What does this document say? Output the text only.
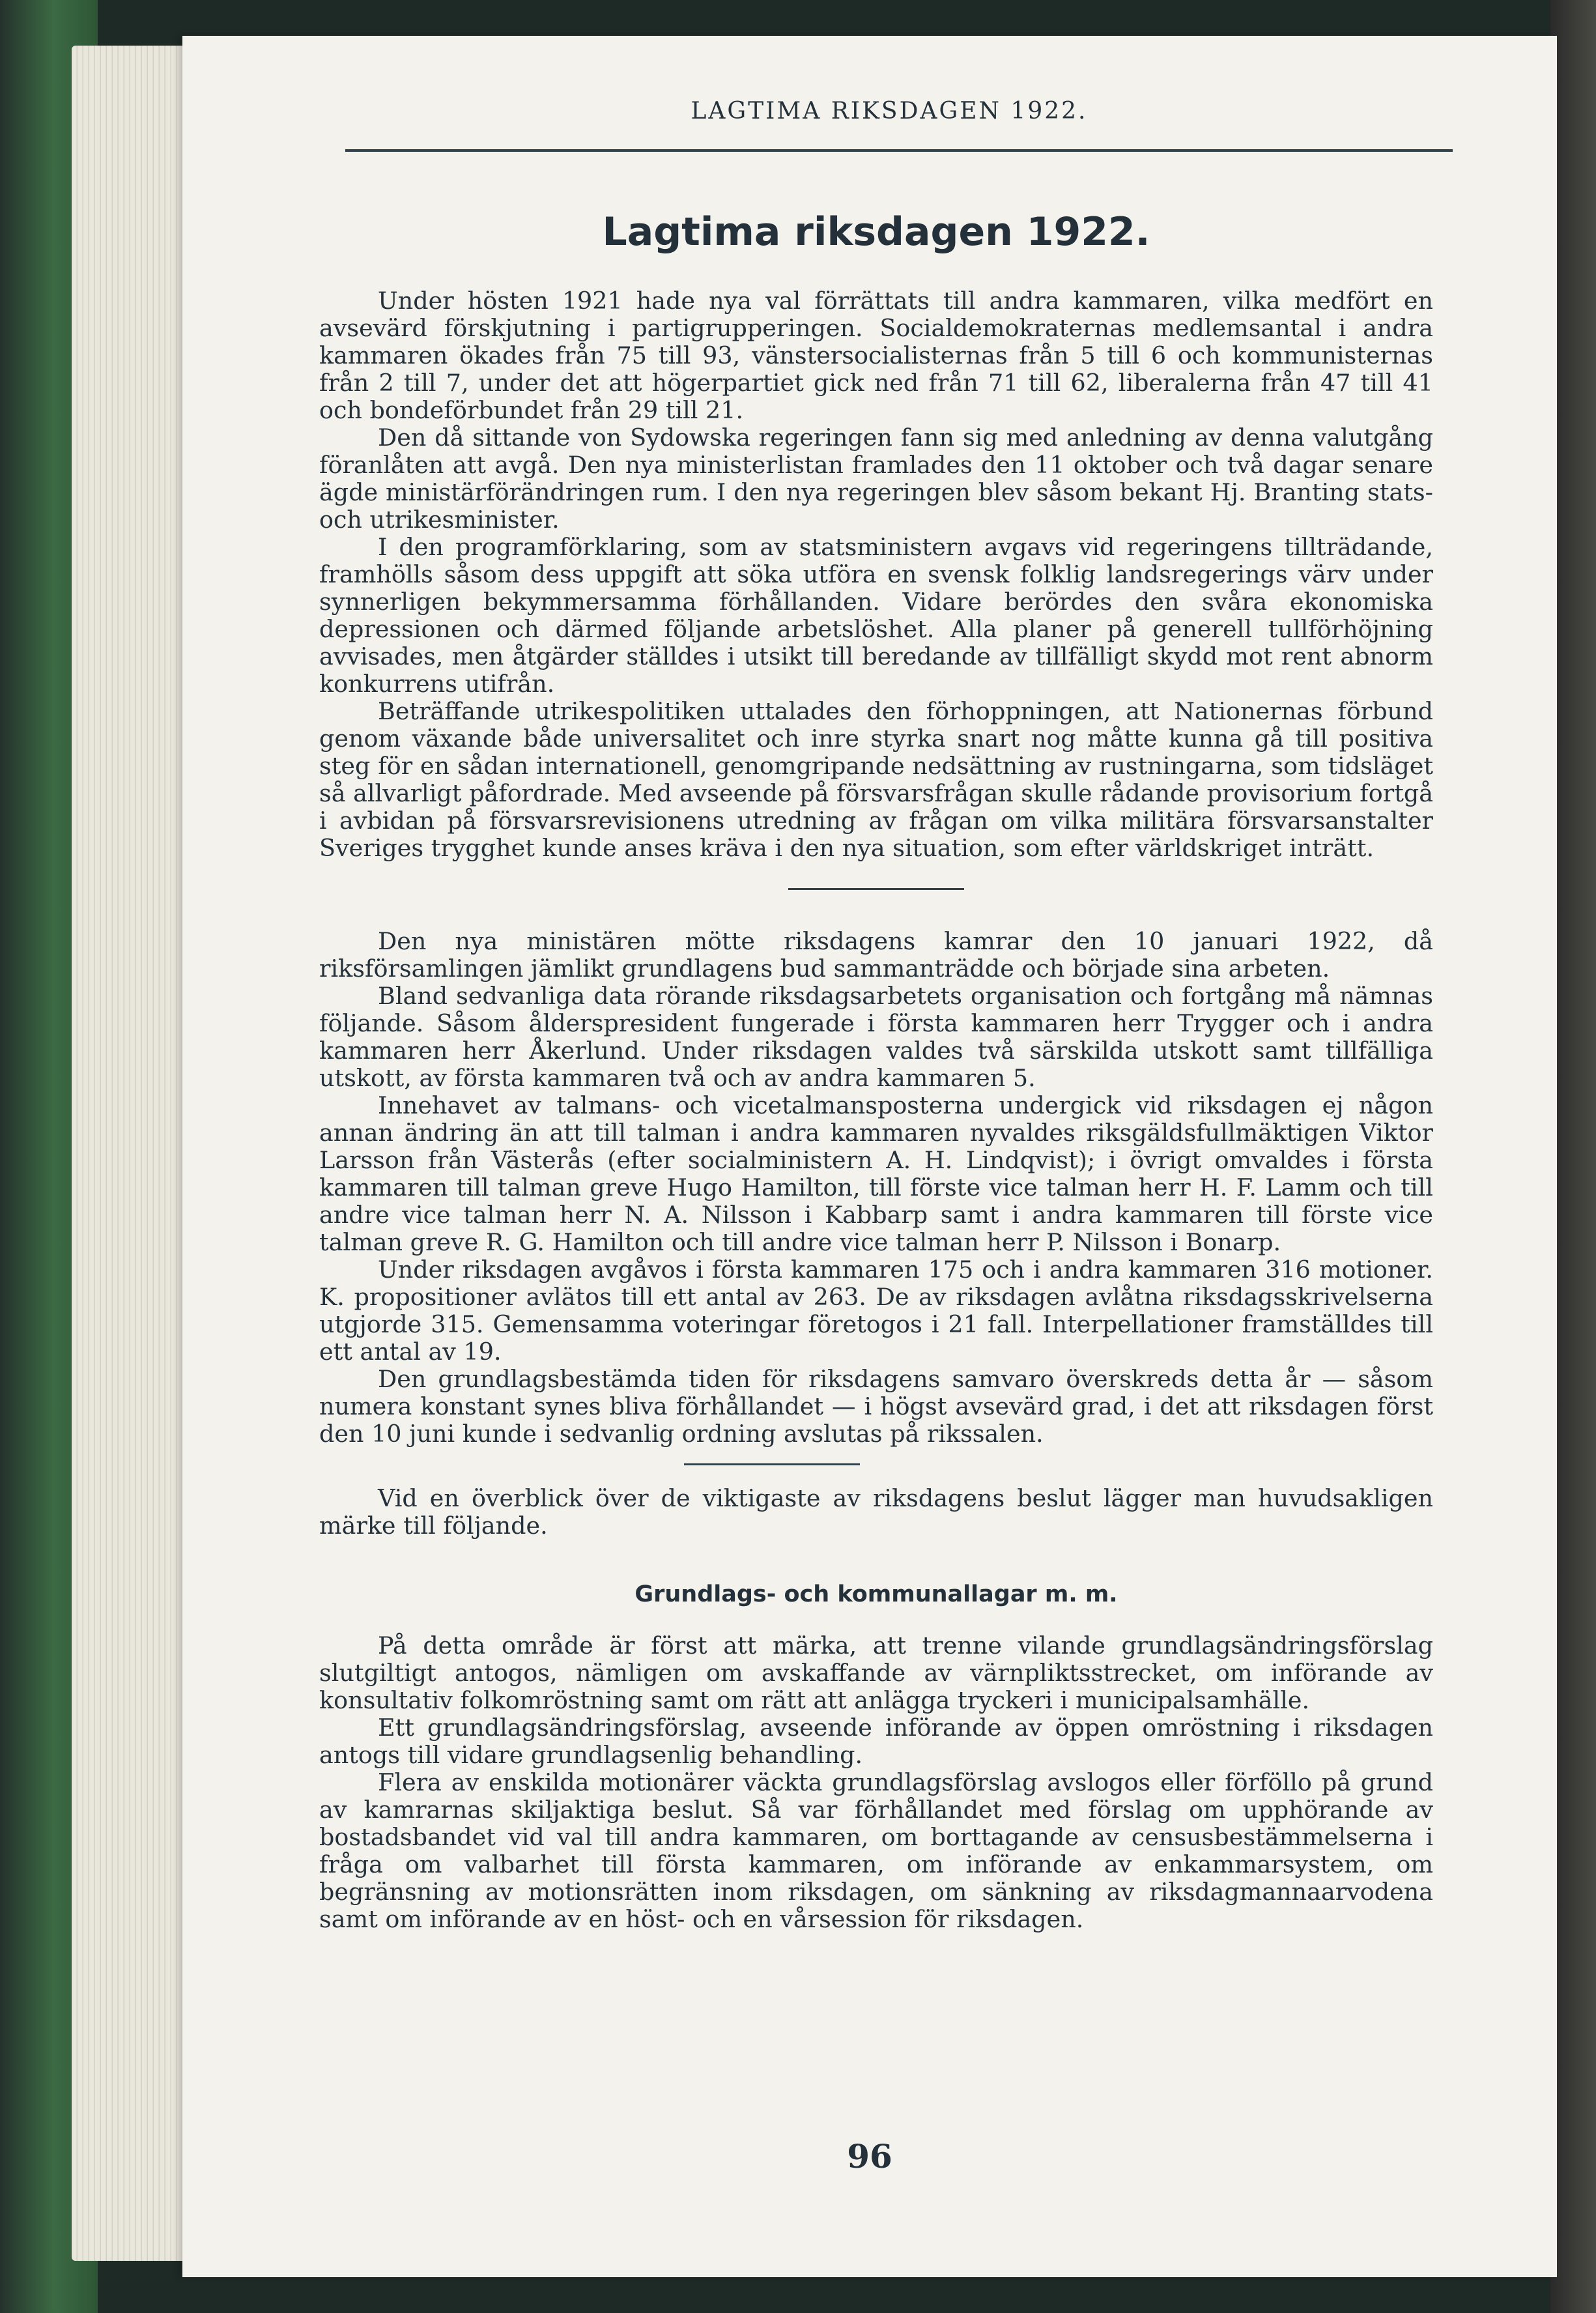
LAGTIMA RIKSDAGEN 1922.
Lagtima riksdagen 1922.

Under hösten 1921 hade nya val förrättats till andra kammaren, vilka medfört en avsevärd förskjutning i partigrupperingen. Socialdemokraternas medlemsantal i andra kammaren ökades från 75 till 93, vänstersocialisternas från 5 till 6 och kommunisternas från 2 till 7, under det att högerpartiet gick ned från 71 till 62, liberalerna från 47 till 41 och bondeförbundet från 29 till 21.

Den då sittande von Sydowska regeringen fann sig med anledning av denna valutgång föranlåten att avgå. Den nya ministerlistan framlades den 11 oktober och två dagar senare ägde ministärförändringen rum. I den nya regeringen blev såsom bekant Hj. Branting stats- och utrikesminister.

I den programförklaring, som av statsministern avgavs vid regeringens tillträdande, framhölls såsom dess uppgift att söka utföra en svensk folklig landsregerings värv under synnerligen bekymmersamma förhållanden. Vidare berördes den svåra ekonomiska depressionen och därmed följande arbetslöshet. Alla planer på generell tullförhöjning avvisades, men åtgärder ställdes i utsikt till beredande av tillfälligt skydd mot rent abnorm konkurrens utifrån.

Beträffande utrikespolitiken uttalades den förhoppningen, att Nationernas förbund genom växande både universalitet och inre styrka snart nog måtte kunna gå till positiva steg för en sådan internationell, genomgripande nedsättning av rustningarna, som tidsläget så allvarligt påfordrade. Med avseende på försvarsfrågan skulle rådande provisorium fortgå i avbidan på försvarsrevisionens utredning av frågan om vilka militära försvarsanstalter Sveriges trygghet kunde anses kräva i den nya situation, som efter världskriget inträtt.

Den nya ministären mötte riksdagens kamrar den 10 januari 1922, då riksförsamlingen jämlikt grundlagens bud sammanträdde och började sina arbeten.

Bland sedvanliga data rörande riksdagsarbetets organisation och fortgång må nämnas följande. Såsom ålderspresident fungerade i första kammaren herr Trygger och i andra kammaren herr Åkerlund. Under riksdagen valdes två särskilda utskott samt tillfälliga utskott, av första kammaren två och av andra kammaren 5.

Innehavet av talmans- och vicetalmansposterna undergick vid riksdagen ej någon annan ändring än att till talman i andra kammaren nyvaldes riksgäldsfullmäktigen Viktor Larsson från Västerås (efter socialministern A. H. Lindqvist); i övrigt omvaldes i första kammaren till talman greve Hugo Hamilton, till förste vice talman herr H. F. Lamm och till andre vice talman herr N. A. Nilsson i Kabbarp samt i andra kammaren till förste vice talman greve R. G. Hamilton och till andre vice talman herr P. Nilsson i Bonarp.

Under riksdagen avgåvos i första kammaren 175 och i andra kammaren 316 motioner. K. propositioner avlätos till ett antal av 263. De av riksdagen avlåtna riksdagsskrivelserna utgjorde 315. Gemensamma voteringar företogos i 21 fall. Interpellationer framställdes till ett antal av 19.

Den grundlagsbestämda tiden för riksdagens samvaro överskreds detta år — såsom numera konstant synes bliva förhållandet — i högst avsevärd grad, i det att riksdagen först den 10 juni kunde i sedvanlig ordning avslutas på rikssalen.

Vid en överblick över de viktigaste av riksdagens beslut lägger man huvudsakligen märke till följande.

Grundlags- och kommunallagar m. m.

På detta område är först att märka, att trenne vilande grundlagsändringsförslag slutgiltigt antogos, nämligen om avskaffande av värnpliktsstrecket, om införande av konsultativ folkomröstning samt om rätt att anlägga tryckeri i municipalsamhälle.

Ett grundlagsändringsförslag, avseende införande av öppen omröstning i riksdagen antogs till vidare grundlagsenlig behandling.

Flera av enskilda motionärer väckta grundlagsförslag avslogos eller förföllo på grund av kamrarnas skiljaktiga beslut. Så var förhållandet med förslag om upphörande av bostadsbandet vid val till andra kammaren, om borttagande av censusbestämmelserna i fråga om valbarhet till första kammaren, om införande av enkammarsystem, om begränsning av motionsrätten inom riksdagen, om sänkning av riksdagmannaarvodena samt om införande av en höst- och en vårsession för riksdagen.

96
